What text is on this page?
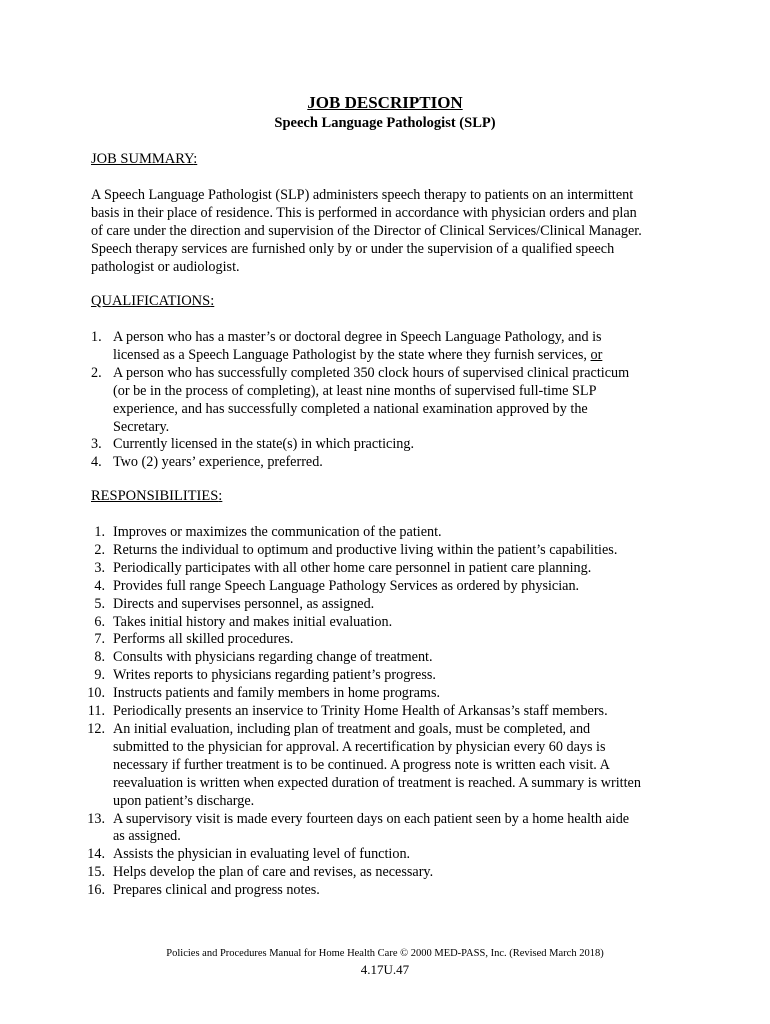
JOB DESCRIPTION
Speech Language Pathologist (SLP)
JOB SUMMARY:
A Speech Language Pathologist (SLP) administers speech therapy to patients on an intermittent
basis in their place of residence. This is performed in accordance with physician orders and plan
of care under the direction and supervision of the Director of Clinical Services/Clinical Manager.
Speech therapy services are furnished only by or under the supervision of a qualified speech
pathologist or audiologist.
QUALIFICATIONS:
1. A person who has a master’s or doctoral degree in Speech Language Pathology, and is
licensed as a Speech Language Pathologist by the state where they furnish services, or
2. A person who has successfully completed 350 clock hours of supervised clinical practicum
(or be in the process of completing), at least nine months of supervised full-time SLP
experience, and has successfully completed a national examination approved by the
Secretary.
3. Currently licensed in the state(s) in which practicing.
4. Two (2) years’ experience, preferred.
RESPONSIBILITIES:
1. Improves or maximizes the communication of the patient.
2. Returns the individual to optimum and productive living within the patient’s capabilities.
3. Periodically participates with all other home care personnel in patient care planning.
4. Provides full range Speech Language Pathology Services as ordered by physician.
5. Directs and supervises personnel, as assigned.
6. Takes initial history and makes initial evaluation.
7. Performs all skilled procedures.
8. Consults with physicians regarding change of treatment.
9. Writes reports to physicians regarding patient’s progress.
10. Instructs patients and family members in home programs.
11. Periodically presents an inservice to Trinity Home Health of Arkansas’s staff members.
12. An initial evaluation, including plan of treatment and goals, must be completed, and
submitted to the physician for approval. A recertification by physician every 60 days is
necessary if further treatment is to be continued. A progress note is written each visit. A
reevaluation is written when expected duration of treatment is reached. A summary is written
upon patient’s discharge.
13. A supervisory visit is made every fourteen days on each patient seen by a home health aide
as assigned.
14. Assists the physician in evaluating level of function.
15. Helps develop the plan of care and revises, as necessary.
16. Prepares clinical and progress notes.
Policies and Procedures Manual for Home Health Care © 2000 MED-PASS, Inc. (Revised March 2018)
4.17U.47
